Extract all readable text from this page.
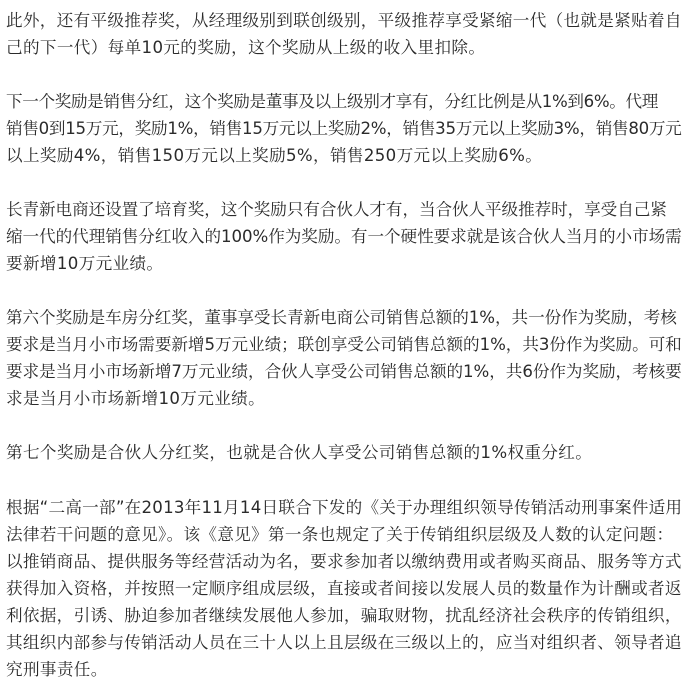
此外，还有平级推荐奖，从经理级别到联创级别，平级推荐享受紧缩一代（也就是紧贴着自
己的下一代）每单10元的奖励，这个奖励从上级的收入里扣除。
下一个奖励是销售分红，这个奖励是董事及以上级别才享有，分红比例是从1%到6%。代理
销售0到15万元，奖励1%，销售15万元以上奖励2%，销售35万元以上奖励3%，销售80万元
以上奖励4%，销售150万元以上奖励5%，销售250万元以上奖励6%。
长青新电商还设置了培育奖，这个奖励只有合伙人才有，当合伙人平级推荐时，享受自己紧
缩一代的代理销售分红收入的100%作为奖励。有一个硬性要求就是该合伙人当月的小市场需
要新增10万元业绩。
第六个奖励是车房分红奖，董事享受长青新电商公司销售总额的1%，共一份作为奖励，考核
要求是当月小市场需要新增5万元业绩；联创享受公司销售总额的1%，共3份作为奖励。可和
要求是当月小市场新增7万元业绩，合伙人享受公司销售总额的1%，共6份作为奖励，考核要
求是当月小市场新增10万元业绩。
第七个奖励是合伙人分红奖，也就是合伙人享受公司销售总额的1%权重分红。
根据“二高一部”在2013年11月14日联合下发的《关于办理组织领导传销活动刑事案件适用
法律若干问题的意见》。该《意见》第一条也规定了关于传销组织层级及人数的认定问题：
以推销商品、提供服务等经营活动为名，要求参加者以缴纳费用或者购买商品、服务等方式
获得加入资格，并按照一定顺序组成层级，直接或者间接以发展人员的数量作为计酬或者返
利依据，引诱、胁迫参加者继续发展他人参加，骗取财物，扰乱经济社会秩序的传销组织，
其组织内部参与传销活动人员在三十人以上且层级在三级以上的，应当对组织者、领导者追
究刑事责任。
